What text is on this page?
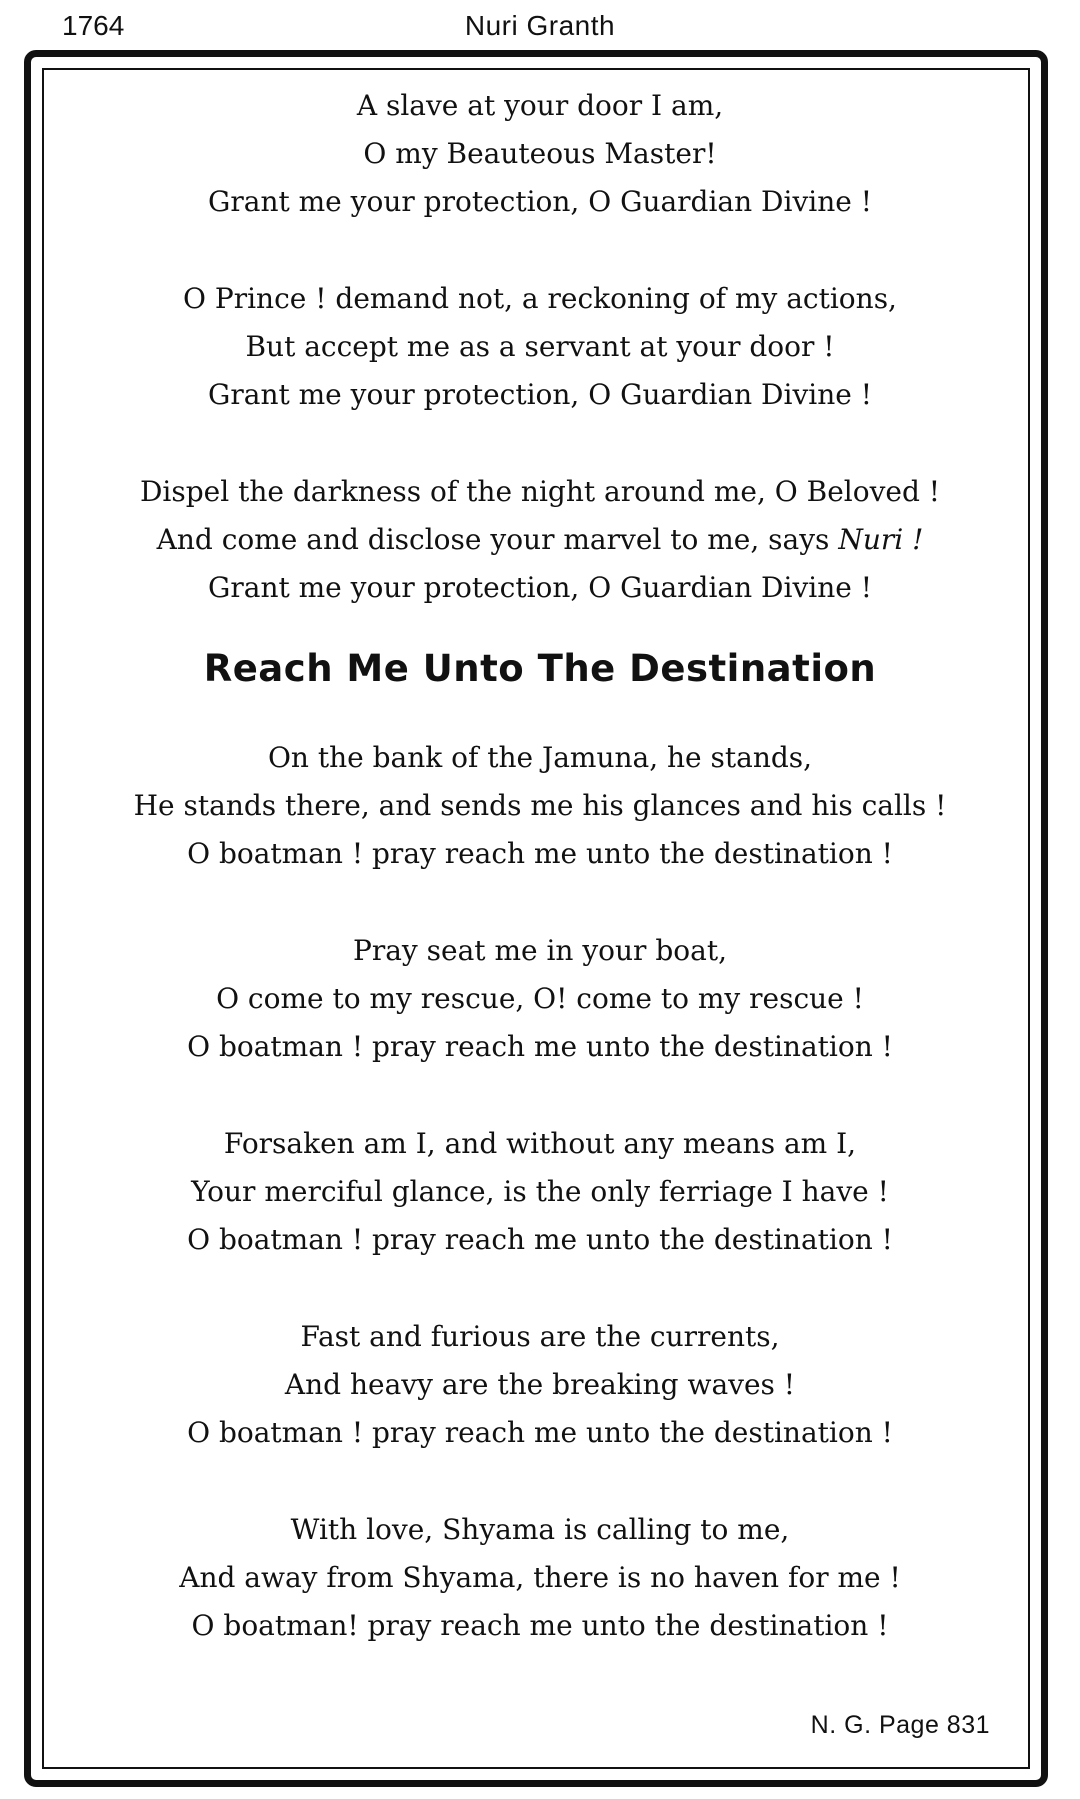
1764	Nuri Granth
A slave at your door I am,
O my Beauteous Master!
Grant me your protection, O Guardian Divine !
O Prince ! demand not, a reckoning of my actions,
But accept me as a servant at your door !
Grant me your protection, O Guardian Divine !
Dispel the darkness of the night around me, O Beloved !
And come and disclose your marvel to me, says Nuri !
Grant me your protection, O Guardian Divine !
Reach Me Unto The Destination
On the bank of the Jamuna, he stands,
He stands there, and sends me his glances and his calls !
O boatman ! pray reach me unto the destination !
Pray seat me in your boat,
O come to my rescue, O! come to my rescue !
O boatman ! pray reach me unto the destination !
Forsaken am I, and without any means am I,
Your merciful glance, is the only ferriage I have !
O boatman ! pray reach me unto the destination !
Fast and furious are the currents,
And heavy are the breaking waves !
O boatman ! pray reach me unto the destination !
With love, Shyama is calling to me,
And away from Shyama, there is no haven for me !
O boatman! pray reach me unto the destination !
N. G. Page 831
